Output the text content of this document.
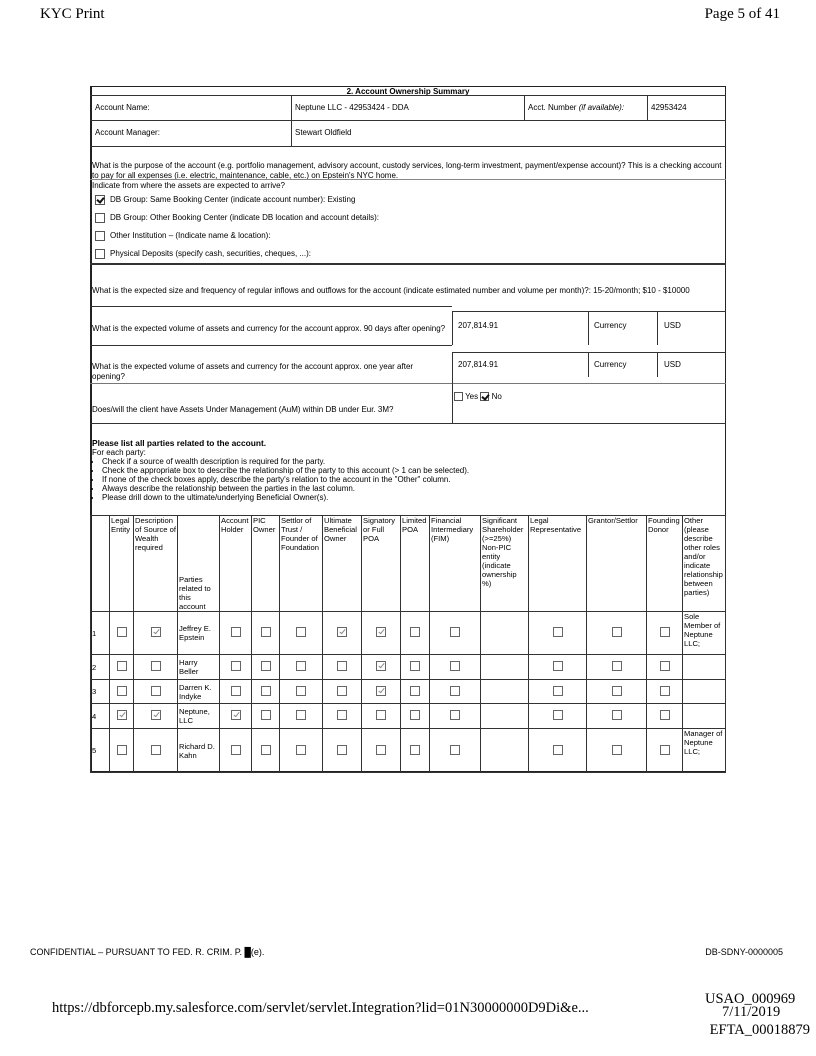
KYC Print	Page 5 of 41
2. Account Ownership Summary
Account Name:	Neptune LLC - 42953424 - DDA	Acct. Number (if available):	42953424
Account Manager:	Stewart Oldfield
What is the purpose of the account (e.g. portfolio management, advisory account, custody services, long-term investment, payment/expense account)? This is a checking account to pay for all expenses (i.e. electric, maintenance, cable, etc.) on Epstein's NYC home.
Indicate from where the assets are expected to arrive?
DB Group: Same Booking Center (indicate account number): Existing
DB Group: Other Booking Center (indicate DB location and account details):
Other Institution – (Indicate name & location):
Physical Deposits (specify cash, securities, cheques, ...):
What is the expected size and frequency of regular inflows and outflows for the account (indicate estimated number and volume per month)?: 15-20/month; $10 - $10000
What is the expected volume of assets and currency for the account approx. 90 days after opening?	207,814.91	Currency	USD
What is the expected volume of assets and currency for the account approx. one year after opening?
207,814.91	Currency	USD
Does/will the client have Assets Under Management (AuM) within DB under Eur. 3M?
Yes No
Please list all parties related to the account.
For each party:
• Check if a source of wealth description is required for the party.
• Check the appropriate box to describe the relationship of the party to this account (> 1 can be selected).
• If none of the check boxes apply, describe the party's relation to the account in the "Other" column.
• Always describe the relationship between the parties in the last column.
• Please drill down to the ultimate/underlying Beneficial Owner(s).
	Legal Entity	Description of Source of Wealth required	Parties related to this account	Account Holder	PIC Owner	Settlor of Trust / Founder of Foundation	Ultimate Beneficial Owner	Signatory or Full POA	Limited POA	Financial Intermediary (FIM)	Significant Shareholder (>=25%) Non-PIC entity (indicate ownership %)	Legal Representative	Grantor/Settlor	Founding Donor	Other (please describe other roles and/or indicate relationship between parties)
1			Jeffrey E. Epstein												Sole Member of Neptune LLC;
2			Harry Beller												
3			Darren K. Indyke												
4			Neptune, LLC												
5			Richard D. Kahn												Manager of Neptune LLC;
CONFIDENTIAL – PURSUANT TO FED. R. CRIM. P. █(e).	DB-SDNY-0000005
https://dbforcepb.my.salesforce.com/servlet/servlet.Integration?lid=01N30000000D9Di&e...
USAO_000969
7/11/2019
EFTA_00018879
